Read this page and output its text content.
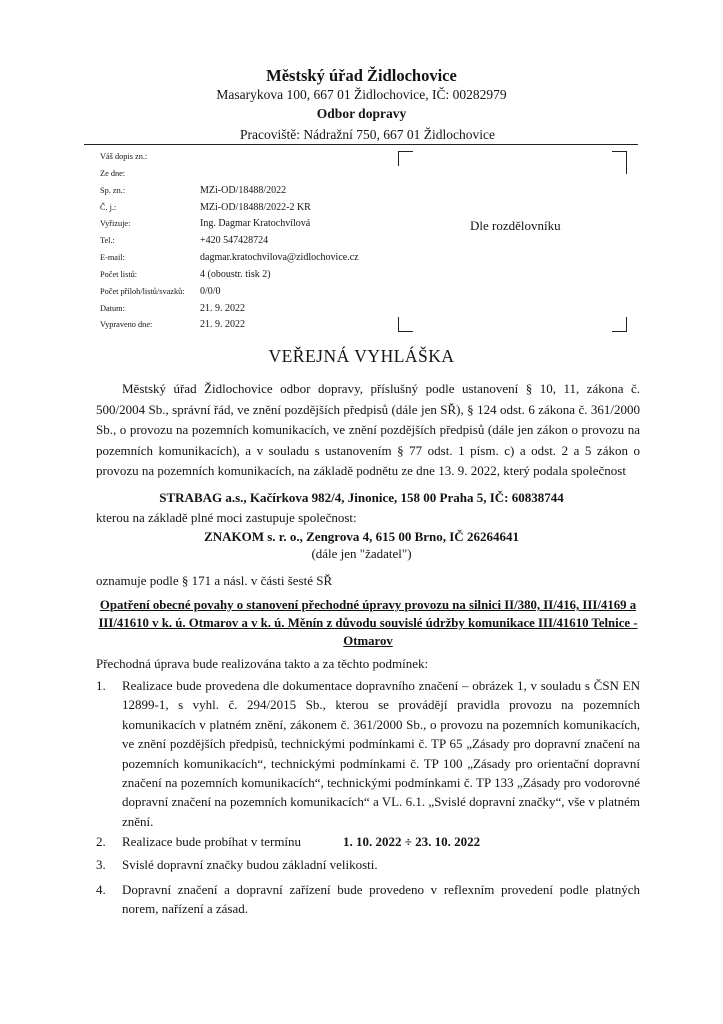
Městský úřad Židlochovice
Masarykova 100, 667 01 Židlochovice, IČ: 00282979
Odbor dopravy
Pracoviště: Nádražní 750, 667 01 Židlochovice
Váš dopis zn.:
Ze dne:
Sp. zn.:	MZi-OD/18488/2022
Č. j.:	MZi-OD/18488/2022-2 KR
Vyřizuje:	Ing. Dagmar Kratochvílová
Tel.:	+420 547428724
E-mail:	dagmar.kratochvilova@zidlochovice.cz
Počet listů:	4 (oboustr. tisk 2)
Počet příloh/listů/svazků: 0/0/0
Datum:	21. 9. 2022
Vypraveno dne:	21. 9. 2022
Dle rozdělovníku
VEŘEJNÁ VYHLÁŠKA
Městský úřad Židlochovice odbor dopravy, příslušný podle ustanovení § 10, 11, zákona č. 500/2004 Sb., správní řád, ve znění pozdějších předpisů (dále jen SŘ), § 124 odst. 6 zákona č. 361/2000 Sb., o provozu na pozemních komunikacích, ve znění pozdějších předpisů (dále jen zákon o provozu na pozemních komunikacích), a v souladu s ustanovením § 77 odst. 1 písm. c) a odst. 2 a 5 zákon o provozu na pozemních komunikacích, na základě podnětu ze dne 13. 9. 2022, který podala společnost
STRABAG a.s., Kačírkova 982/4, Jinonice, 158 00 Praha 5, IČ: 60838744
kterou na základě plné moci zastupuje společnost:
ZNAKOM s. r. o., Zengrova 4, 615 00 Brno, IČ 26264641
(dále jen "žadatel")
oznamuje podle § 171 a násl. v části šesté SŘ
Opatření obecné povahy o stanovení přechodné úpravy provozu na silnici II/380, II/416, III/4169 a III/41610 v k. ú. Otmarov a v k. ú. Měnín z důvodu souvislé údržby komunikace III/41610 Telnice - Otmarov
Přechodná úprava bude realizována takto a za těchto podmínek:
1. Realizace bude provedena dle dokumentace dopravního značení – obrázek 1, v souladu s ČSN EN 12899-1, s vyhl. č. 294/2015 Sb., kterou se provádějí pravidla provozu na pozemních komunikacích v platném znění, zákonem č. 361/2000 Sb., o provozu na pozemních komunikacích, ve znění pozdějších předpisů, technickými podmínkami č. TP 65 „Zásady pro dopravní značení na pozemních komunikacích“, technickými podmínkami č. TP 100 „Zásady pro orientační dopravní značení na pozemních komunikacích“, technickými podmínkami č. TP 133 „Zásady pro vodorovné dopravní značení na pozemních komunikacích“ a VL. 6.1. „Svislé dopravní značky“, vše v platném znění.
2. Realizace bude probíhat v termínu	1. 10. 2022 ÷ 23. 10. 2022
3. Svislé dopravní značky budou základní velikosti.
4. Dopravní značení a dopravní zařízení bude provedeno v reflexním provedení podle platných norem, nařízení a zásad.
